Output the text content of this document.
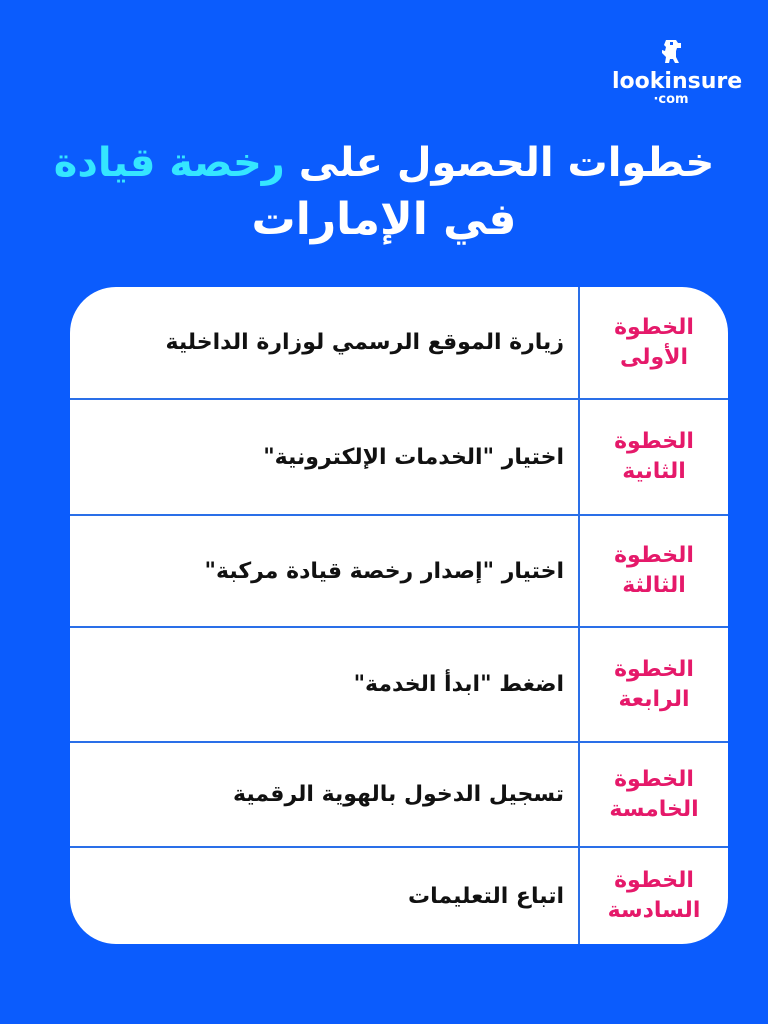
lookinsure
·com
خطوات الحصول على رخصة قيادة
في الإمارات
الخطوة
الأولى
زيارة الموقع الرسمي لوزارة الداخلية
الخطوة
الثانية
اختيار "الخدمات الإلكترونية"
الخطوة
الثالثة
اختيار "إصدار رخصة قيادة مركبة"
الخطوة
الرابعة
اضغط "ابدأ الخدمة"
الخطوة
الخامسة
تسجيل الدخول بالهوية الرقمية
الخطوة
السادسة
اتباع التعليمات
